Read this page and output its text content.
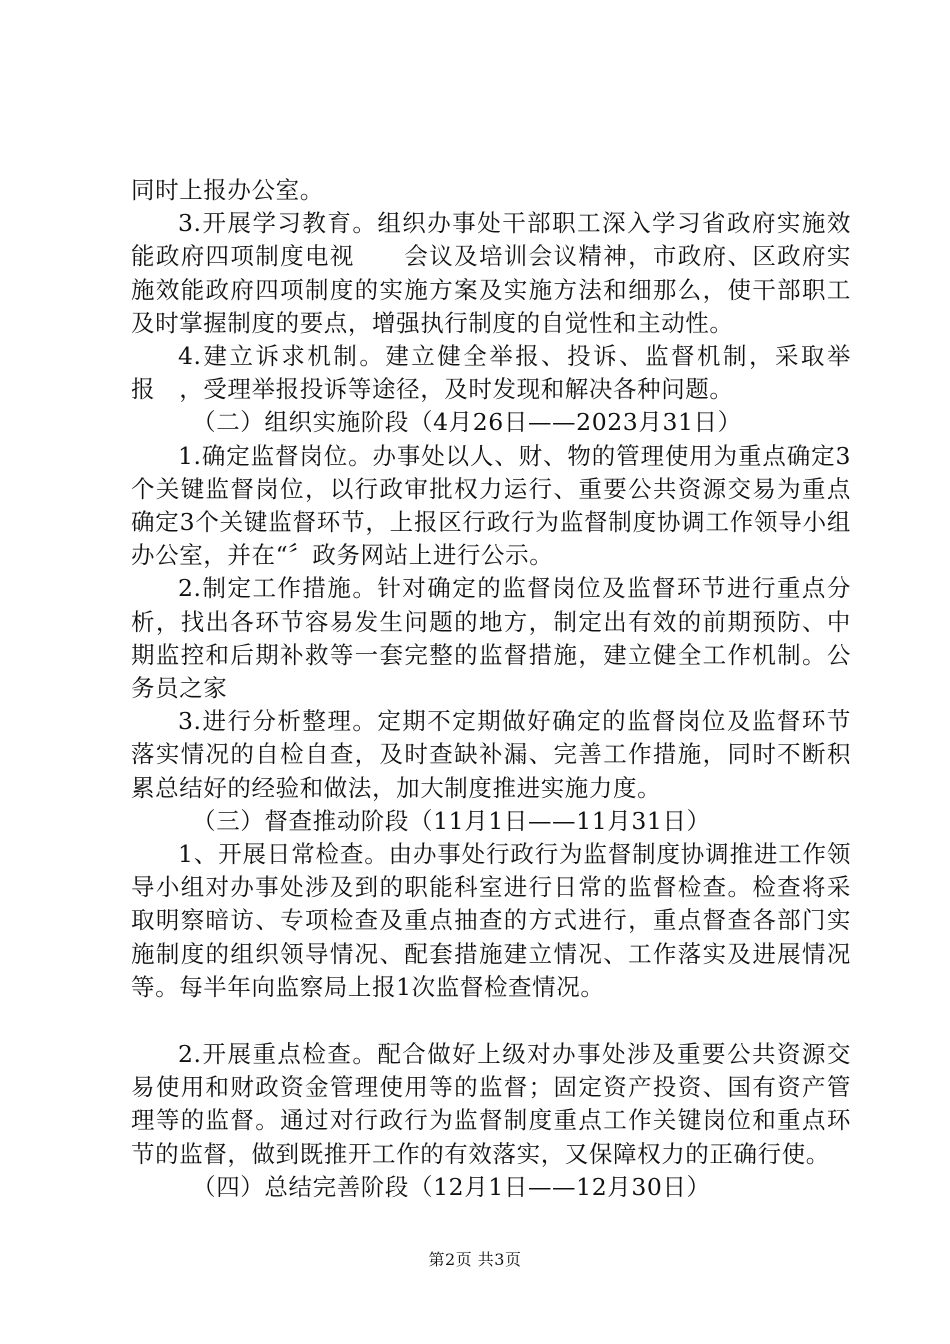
同时上报办公室。

3.开展学习教育。组织办事处干部职工深入学习省政府实施效能政府四项制度电视　　会议及培训会议精神，市政府、区政府实施效能政府四项制度的实施方案及实施方法和细那么，使干部职工及时掌握制度的要点，增强执行制度的自觉性和主动性。

4.建立诉求机制。建立健全举报、投诉、监督机制，采取举报　，受理举报投诉等途径，及时发现和解决各种问题。

（二）组织实施阶段（4月26日——2023月31日）

1.确定监督岗位。办事处以人、财、物的管理使用为重点确定3个关键监督岗位，以行政审批权力运行、重要公共资源交易为重点确定3个关键监督环节，上报区行政行为监督制度协调工作领导小组办公室，并在“〞政务网站上进行公示。

2.制定工作措施。针对确定的监督岗位及监督环节进行重点分析，找出各环节容易发生问题的地方，制定出有效的前期预防、中期监控和后期补救等一套完整的监督措施，建立健全工作机制。公务员之家

3.进行分析整理。定期不定期做好确定的监督岗位及监督环节落实情况的自检自查，及时查缺补漏、完善工作措施，同时不断积累总结好的经验和做法，加大制度推进实施力度。

（三）督查推动阶段（11月1日——11月31日）

1、开展日常检查。由办事处行政行为监督制度协调推进工作领导小组对办事处涉及到的职能科室进行日常的监督检查。检查将采取明察暗访、专项检查及重点抽查的方式进行，重点督查各部门实施制度的组织领导情况、配套措施建立情况、工作落实及进展情况等。每半年向监察局上报1次监督检查情况。

2.开展重点检查。配合做好上级对办事处涉及重要公共资源交易使用和财政资金管理使用等的监督；固定资产投资、国有资产管理等的监督。通过对行政行为监督制度重点工作关键岗位和重点环节的监督，做到既推开工作的有效落实，又保障权力的正确行使。

（四）总结完善阶段（12月1日——12月30日）

第2页 共3页
